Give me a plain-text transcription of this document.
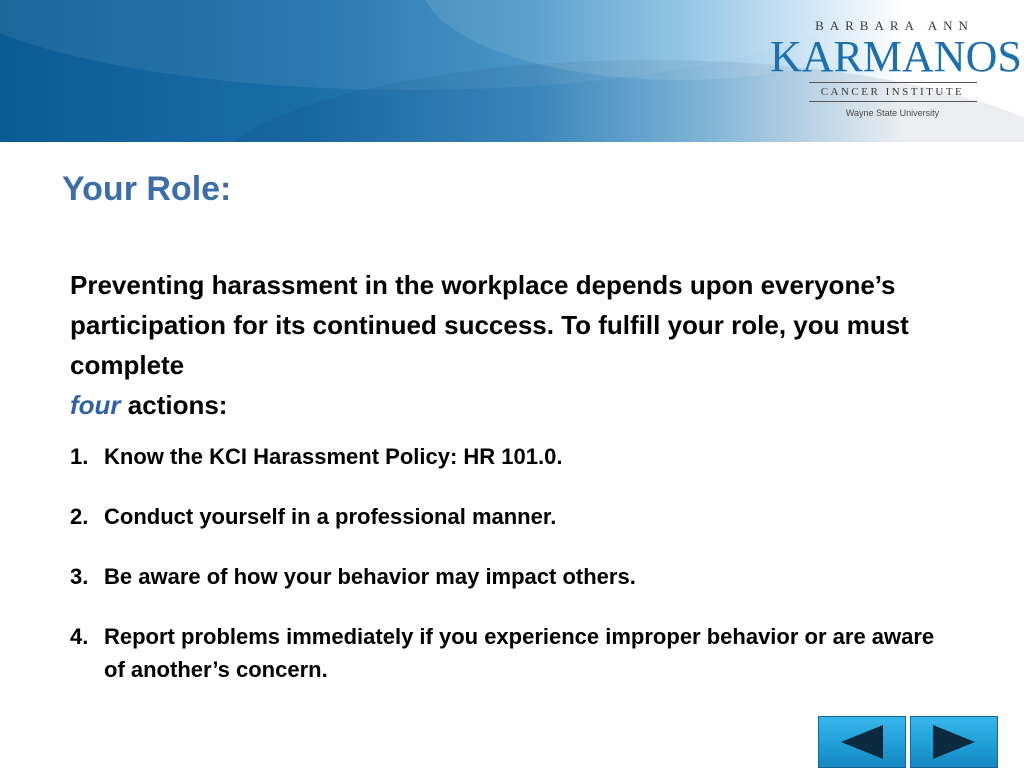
BARBARA ANN
KARMANOS
CANCER INSTITUTE
Wayne State University
Your Role:

Preventing harassment in the workplace depends upon everyone’s participation for its continued success. To fulfill your role, you must complete
four actions:

1. Know the KCI Harassment Policy: HR 101.0.
2. Conduct yourself in a professional manner.
3. Be aware of how your behavior may impact others.
4. Report problems immediately if you experience improper behavior or are aware of another’s concern.
